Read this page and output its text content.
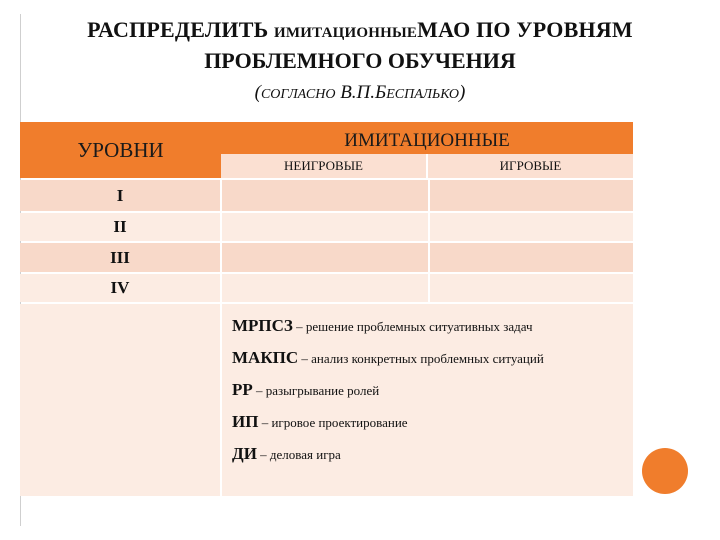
РАСПРЕДЕЛИТЬ ИМИТАЦИОННЫЕМАО ПО УРОВНЯМ
ПРОБЛЕМНОГО ОБУЧЕНИЯ
(СОГЛАСНО В.П.БЕСПАЛЬКО)
УРОВНИ	ИМИТАЦИОННЫЕ
НЕИГРОВЫЕ	ИГРОВЫЕ
I
II
III
IV
МРПСЗ – решение проблемных ситуативных задач
МАКПС – анализ конкретных проблемных ситуаций
РР – разыгрывание ролей
ИП – игровое проектирование
ДИ – деловая игра
